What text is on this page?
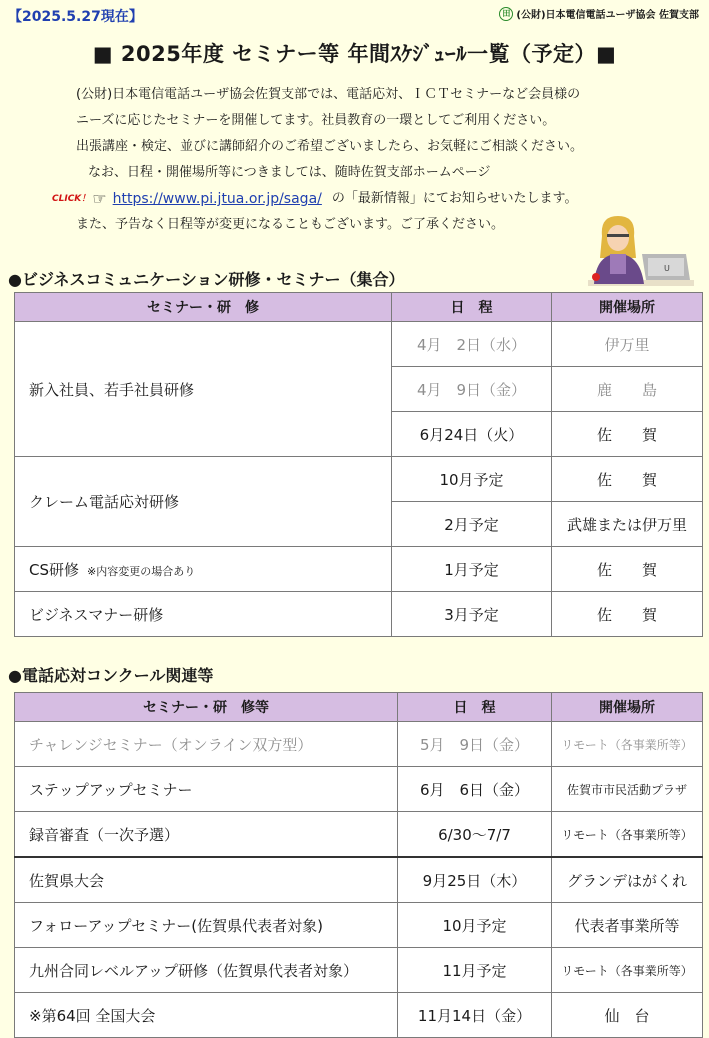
【2025.5.27現在】	田 (公財)日本電信電話ユーザ協会 佐賀支部
■ 2025年度 セミナー等 年間ｽｹｼﾞｭｰﾙ一覧（予定）■

(公財)日本電信電話ユーザ協会佐賀支部では、電話応対、ＩＣＴセミナーなど会員様の

ニーズに応じたセミナーを開催してます。社員教育の一環としてご利用ください。

出張講座・検定、並びに講師紹介のご希望ございましたら、お気軽にご相談ください。

なお、日程・開催場所等につきましては、随時佐賀支部ホームページ

CLICK！ ☞ https://www.pi.jtua.or.jp/saga/ の「最新情報」にてお知らせいたします。

また、予告なく日程等が変更になることもございます。ご了承ください。

U
●ビジネスコミュニケーション研修・セミナー（集合）
セミナー・研　修	日　程	開催場所
新入社員、若手社員研修	4月　2日（水）	伊万里
	4月　9日（金）	鹿　　島
	6月24日（火）	佐　　賀
クレーム電話応対研修	10月予定	佐　　賀
	2月予定	武雄または伊万里
CS研修 ※内容変更の場合あり	1月予定	佐　　賀
ビジネスマナー研修	3月予定	佐　　賀
●電話応対コンクール関連等
セミナー・研　修等	日　程	開催場所
チャレンジセミナー（オンライン双方型）	5月　9日（金）	リモート（各事業所等）
ステップアップセミナー	6月　6日（金）	佐賀市市民活動プラザ
録音審査（一次予選）	6/30～7/7	リモート（各事業所等）
佐賀県大会	9月25日（木）	グランデはがくれ
フォローアップセミナー(佐賀県代表者対象)	10月予定	代表者事業所等
九州合同レベルアップ研修（佐賀県代表者対象）	11月予定	リモート（各事業所等）
※第64回 全国大会	11月14日（金）	仙　台
